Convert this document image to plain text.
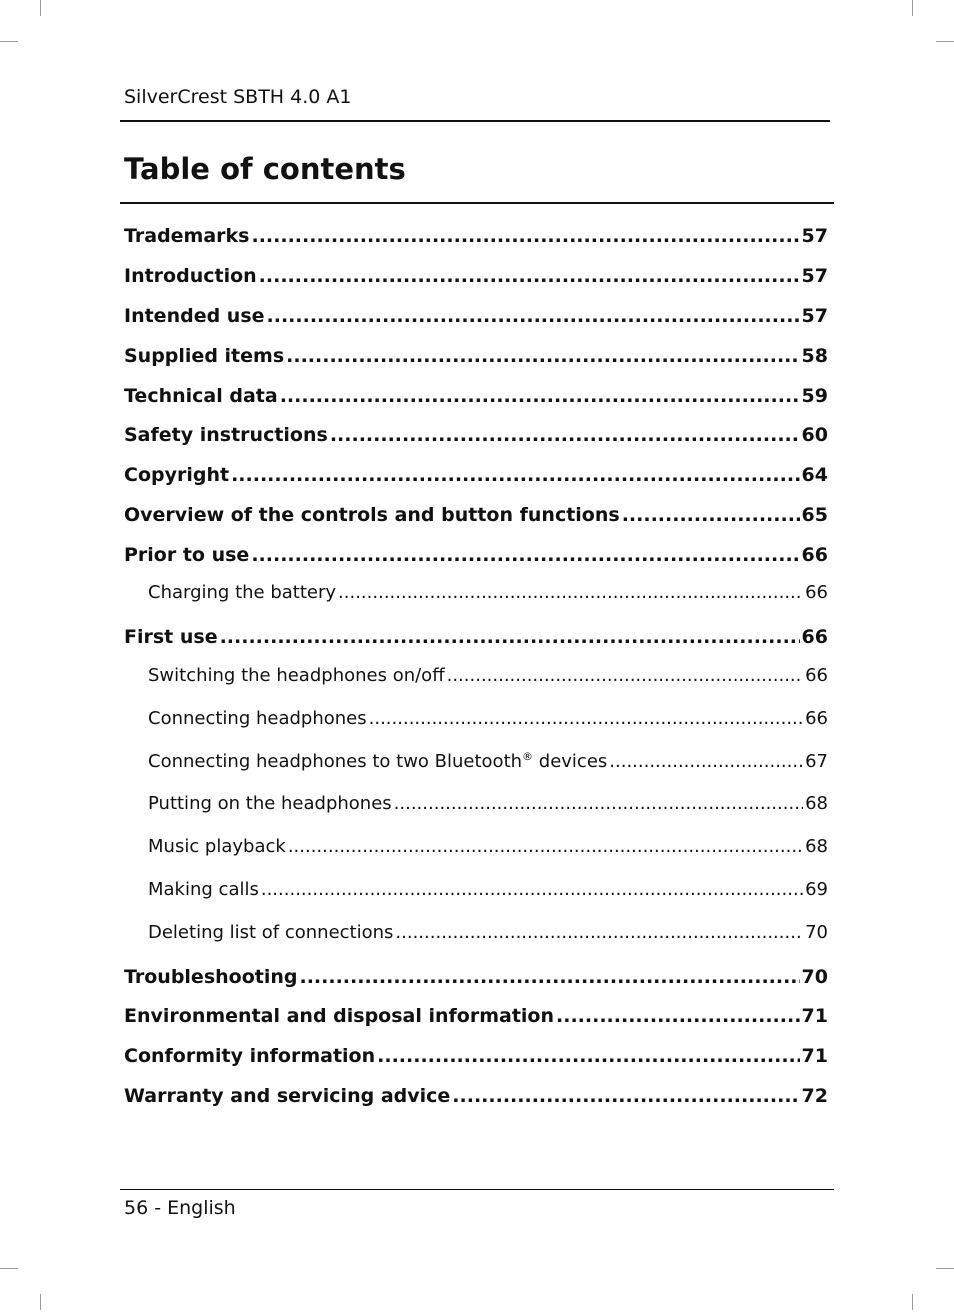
SilverCrest SBTH 4.0 A1
Table of contents
Trademarks .....	57
Introduction .....	57
Intended use .....	57
Supplied items .....	58
Technical data .....	59
Safety instructions .....	60
Copyright .....	64
Overview of the controls and button functions .....	65
Prior to use .....	66
Charging the battery .....	66
First use .....	66
Switching the headphones on/off .....	66
Connecting headphones .....	66
Connecting headphones to two Bluetooth® devices .....	67
Putting on the headphones .....	68
Music playback .....	68
Making calls .....	69
Deleting list of connections .....	70
Troubleshooting .....	70
Environmental and disposal information .....	71
Conformity information .....	71
Warranty and servicing advice .....	72
56 - English
